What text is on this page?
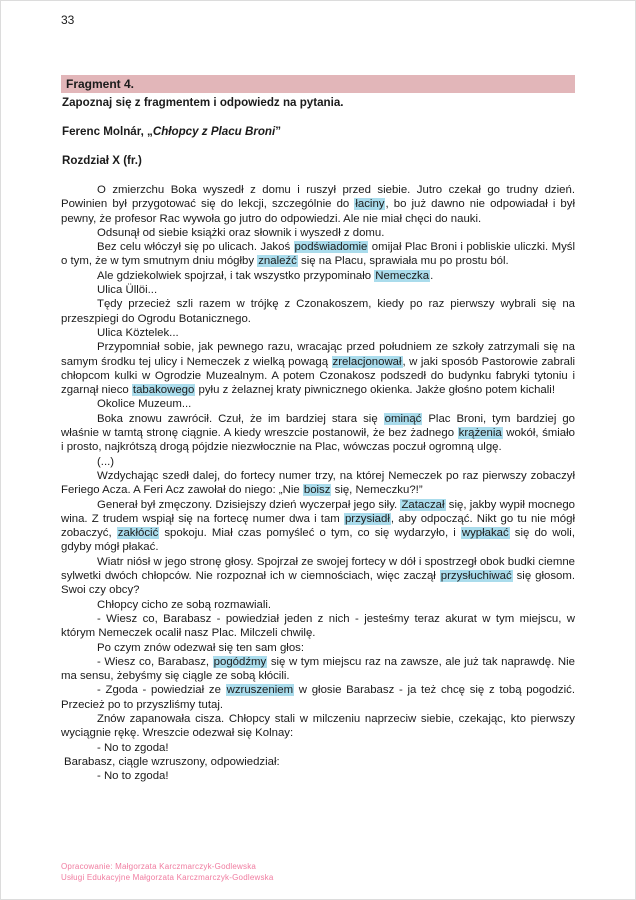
33
Fragment 4.
Zapoznaj się z fragmentem i odpowiedz na pytania.
Ferenc Molnár, „Chłopcy z Placu Broni”
Rozdział X (fr.)

O zmierzchu Boka wyszedł z domu i ruszył przed siebie. Jutro czekał go trudny dzień. Powinien był przygotować się do lekcji, szczególnie do łaciny, bo już dawno nie odpowiadał i był pewny, że profesor Rac wywoła go jutro do odpowiedzi. Ale nie miał chęci do nauki.

Odsunął od siebie książki oraz słownik i wyszedł z domu.

Bez celu włóczył się po ulicach. Jakoś podświadomie omijał Plac Broni i pobliskie uliczki. Myśl o tym, że w tym smutnym dniu mógłby znaleźć się na Placu, sprawiała mu po prostu ból.

Ale gdziekolwiek spojrzał, i tak wszystko przypominało Nemeczka.

Ulica Üllöi...

Tędy przecież szli razem w trójkę z Czonakoszem, kiedy po raz pierwszy wybrali się na przeszpiegi do Ogrodu Botanicznego.

Ulica Köztelek...

Przypomniał sobie, jak pewnego razu, wracając przed południem ze szkoły zatrzymali się na samym środku tej ulicy i Nemeczek z wielką powagą zrelacjonował, w jaki sposób Pastorowie zabrali chłopcom kulki w Ogrodzie Muzealnym. A potem Czonakosz podszedł do budynku fabryki tytoniu i zgarnął nieco tabakowego pyłu z żelaznej kraty piwnicznego okienka. Jakże głośno potem kichali!

Okolice Muzeum...

Boka znowu zawrócił. Czuł, że im bardziej stara się ominąć Plac Broni, tym bardziej go właśnie w tamtą stronę ciągnie. A kiedy wreszcie postanowił, że bez żadnego krążenia wokół, śmiało i prosto, najkrótszą drogą pójdzie niezwłocznie na Plac, wówczas poczuł ogromną ulgę.

(...)

Wzdychając szedł dalej, do fortecy numer trzy, na której Nemeczek po raz pierwszy zobaczył Feriego Acza. A Feri Acz zawołał do niego: „Nie boisz się, Nemeczku?!”

Generał był zmęczony. Dzisiejszy dzień wyczerpał jego siły. Zataczał się, jakby wypił mocnego wina. Z trudem wspiął się na fortecę numer dwa i tam przysiadł, aby odpocząć. Nikt go tu nie mógł zobaczyć, zakłócić spokoju. Miał czas pomyśleć o tym, co się wydarzyło, i wypłakać się do woli, gdyby mógł płakać.

Wiatr niósł w jego stronę głosy. Spojrzał ze swojej fortecy w dół i spostrzegł obok budki ciemne sylwetki dwóch chłopców. Nie rozpoznał ich w ciemnościach, więc zaczął przysłuchiwać się głosom. Swoi czy obcy?

Chłopcy cicho ze sobą rozmawiali.

- Wiesz co, Barabasz - powiedział jeden z nich - jesteśmy teraz akurat w tym miejscu, w którym Nemeczek ocalił nasz Plac. Milczeli chwilę.

Po czym znów odezwał się ten sam głos:

- Wiesz co, Barabasz, pogódźmy się w tym miejscu raz na zawsze, ale już tak naprawdę. Nie ma sensu, żebyśmy się ciągle ze sobą kłócili.

- Zgoda - powiedział ze wzruszeniem w głosie Barabasz - ja też chcę się z tobą pogodzić. Przecież po to przyszliśmy tutaj.

Znów zapanowała cisza. Chłopcy stali w milczeniu naprzeciw siebie, czekając, kto pierwszy wyciągnie rękę. Wreszcie odezwał się Kolnay:

- No to zgoda!

Barabasz, ciągle wzruszony, odpowiedział:

- No to zgoda!

Opracowanie: Małgorzata Karczmarczyk-Godlewska
Usługi Edukacyjne Małgorzata Karczmarczyk-Godlewska
